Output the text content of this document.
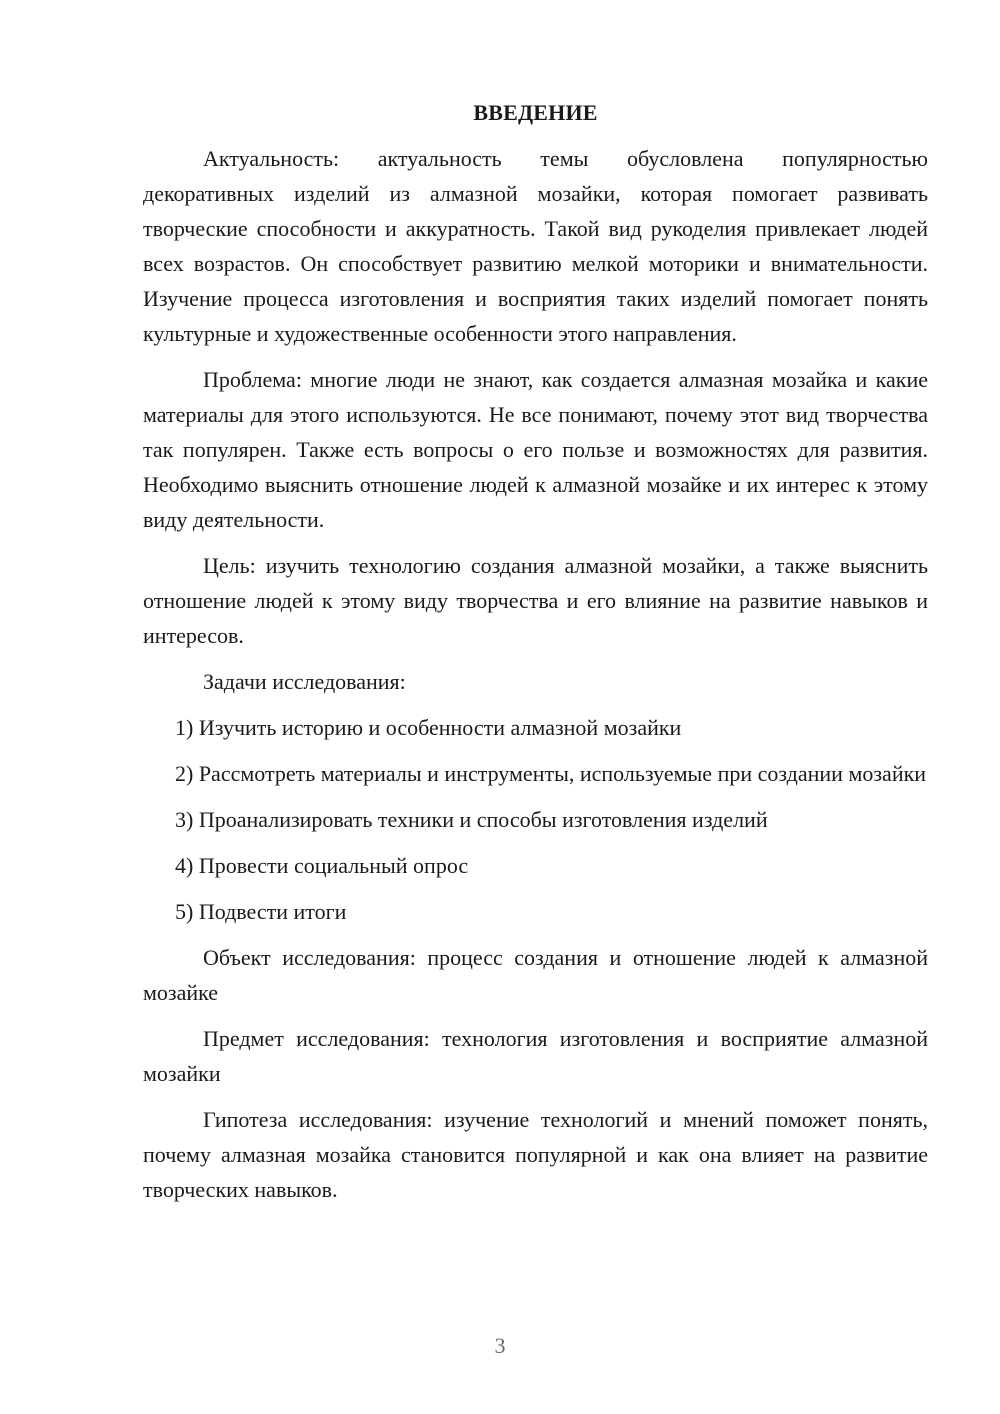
ВВЕДЕНИЕ
Актуальность: актуальность темы обусловлена популярностью декоративных изделий из алмазной мозайки, которая помогает развивать творческие способности и аккуратность. Такой вид рукоделия привлекает людей всех возрастов. Он способствует развитию мелкой моторики и внимательности. Изучение процесса изготовления и восприятия таких изделий помогает понять культурные и художественные особенности этого направления.
Проблема: многие люди не знают, как создается алмазная мозайка и какие материалы для этого используются. Не все понимают, почему этот вид творчества так популярен. Также есть вопросы о его пользе и возможностях для развития. Необходимо выяснить отношение людей к алмазной мозайке и их интерес к этому виду деятельности.
Цель: изучить технологию создания алмазной мозайки, а также выяснить отношение людей к этому виду творчества и его влияние на развитие навыков и интересов.
Задачи исследования:
1) Изучить историю и особенности алмазной мозайки
2) Рассмотреть материалы и инструменты, используемые при создании мозайки
3) Проанализировать техники и способы изготовления изделий
4) Провести социальный опрос
5) Подвести итоги
Объект исследования: процесс создания и отношение людей к алмазной мозайке
Предмет исследования: технология изготовления и восприятие алмазной мозайки
Гипотеза исследования: изучение технологий и мнений поможет понять, почему алмазная мозайка становится популярной и как она влияет на развитие творческих навыков.
3
